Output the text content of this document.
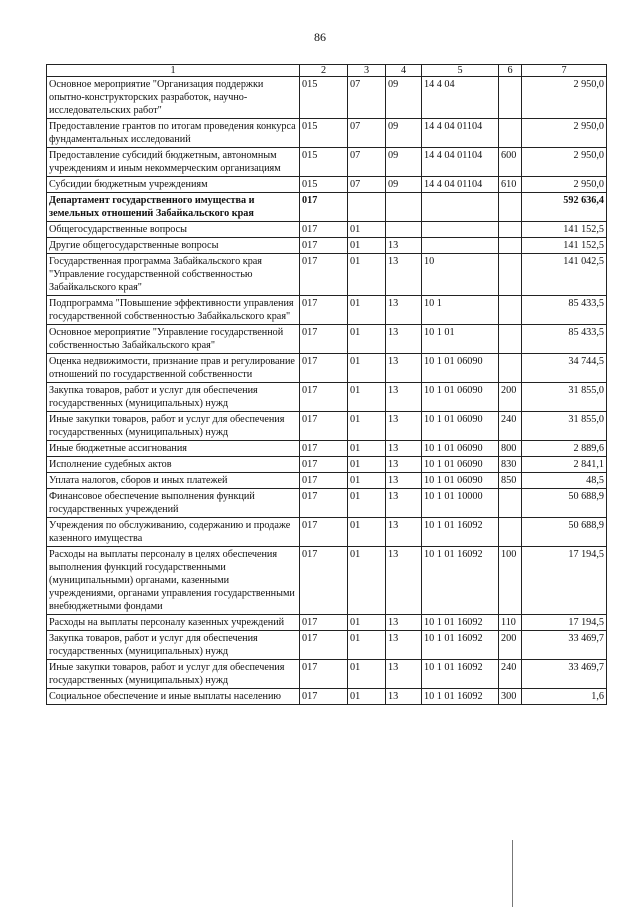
86
1	2	3	4	5	6	7
Основное мероприятие "Организация поддержки опытно-конструкторских разработок, научно-исследовательских работ"	015	07	09	14 4 04		2 950,0
Предоставление грантов по итогам проведения конкурса фундаментальных исследований	015	07	09	14 4 04 01104		2 950,0
Предоставление субсидий бюджетным, автономным учреждениям и иным некоммерческим организациям	015	07	09	14 4 04 01104	600	2 950,0
Субсидии бюджетным учреждениям	015	07	09	14 4 04 01104	610	2 950,0
Департамент государственного имущества и земельных отношений Забайкальского края	017					592 636,4
Общегосударственные вопросы	017	01				141 152,5
Другие общегосударственные вопросы	017	01	13			141 152,5
Государственная программа Забайкальского края "Управление государственной собственностью Забайкальского края"	017	01	13	10		141 042,5
Подпрограмма "Повышение эффективности управления государственной собственностью Забайкальского края"	017	01	13	10 1		85 433,5
Основное мероприятие "Управление государственной собственностью Забайкальского края"	017	01	13	10 1 01		85 433,5
Оценка недвижимости, признание прав и регулирование отношений по государственной собственности	017	01	13	10 1 01 06090		34 744,5
Закупка товаров, работ и услуг для обеспечения государственных (муниципальных) нужд	017	01	13	10 1 01 06090	200	31 855,0
Иные закупки товаров, работ и услуг для обеспечения государственных (муниципальных) нужд	017	01	13	10 1 01 06090	240	31 855,0
Иные бюджетные ассигнования	017	01	13	10 1 01 06090	800	2 889,6
Исполнение судебных актов	017	01	13	10 1 01 06090	830	2 841,1
Уплата налогов, сборов и иных платежей	017	01	13	10 1 01 06090	850	48,5
Финансовое обеспечение выполнения функций государственных учреждений	017	01	13	10 1 01 10000		50 688,9
Учреждения по обслуживанию, содержанию и продаже казенного имущества	017	01	13	10 1 01 16092		50 688,9
Расходы на выплаты персоналу в целях обеспечения выполнения функций государственными (муниципальными) органами, казенными учреждениями, органами управления государственными внебюджетными фондами	017	01	13	10 1 01 16092	100	17 194,5
Расходы на выплаты персоналу казенных учреждений	017	01	13	10 1 01 16092	110	17 194,5
Закупка товаров, работ и услуг для обеспечения государственных (муниципальных) нужд	017	01	13	10 1 01 16092	200	33 469,7
Иные закупки товаров, работ и услуг для обеспечения государственных (муниципальных) нужд	017	01	13	10 1 01 16092	240	33 469,7
Социальное обеспечение и иные выплаты населению	017	01	13	10 1 01 16092	300	1,6
